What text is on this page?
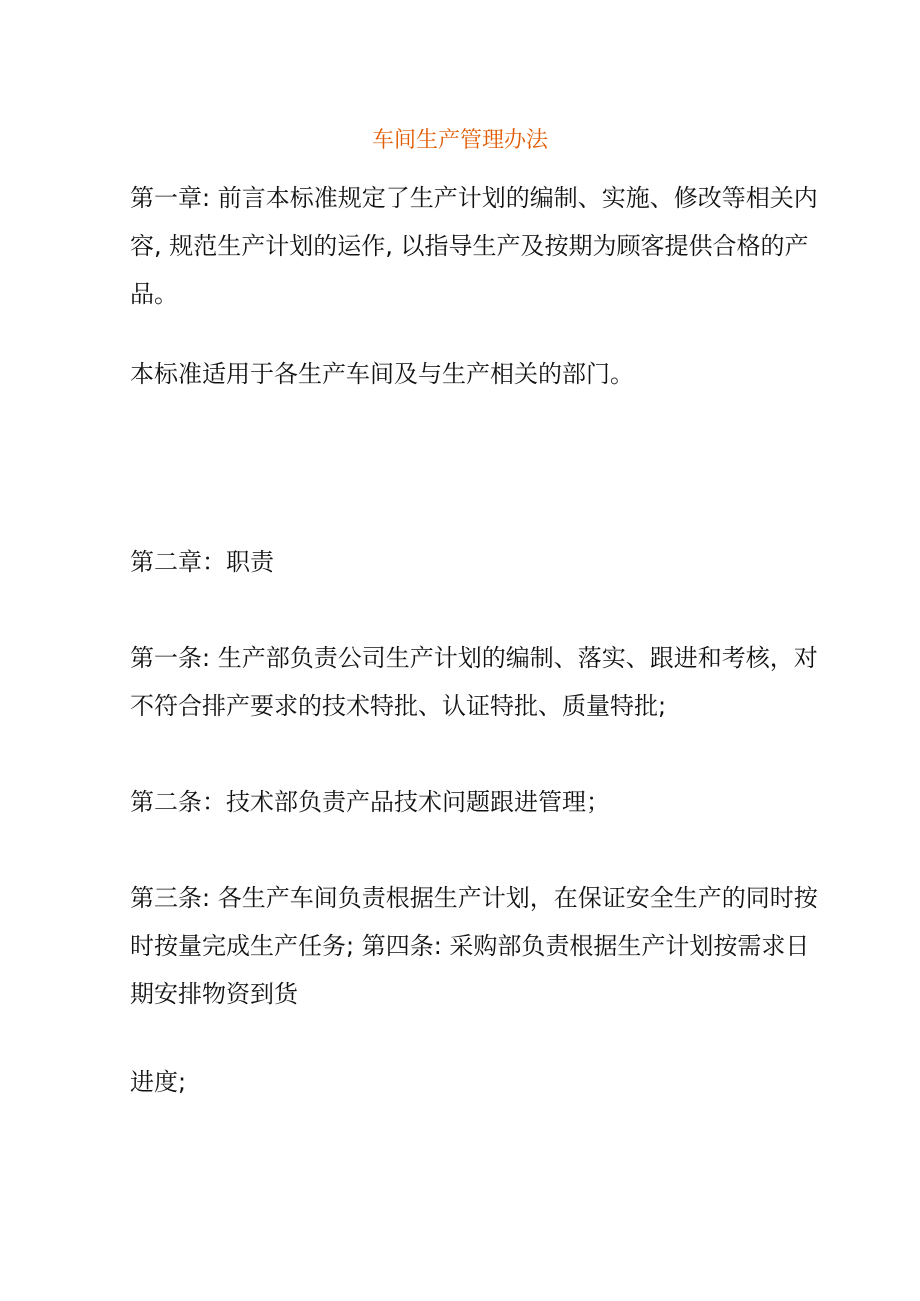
车间生产管理办法

第一章: 前言本标准规定了生产计划的编制、实施、修改等相关内
容, 规范生产计划的运作, 以指导生产及按期为顾客提供合格的产
品。

本标准适用于各生产车间及与生产相关的部门。

第二章：职责

第一条: 生产部负责公司生产计划的编制、落实、跟进和考核，对
不符合排产要求的技术特批、认证特批、质量特批;

第二条：技术部负责产品技术问题跟进管理；

第三条: 各生产车间负责根据生产计划，在保证安全生产的同时按
时按量完成生产任务; 第四条: 采购部负责根据生产计划按需求日
期安排物资到货

进度;
